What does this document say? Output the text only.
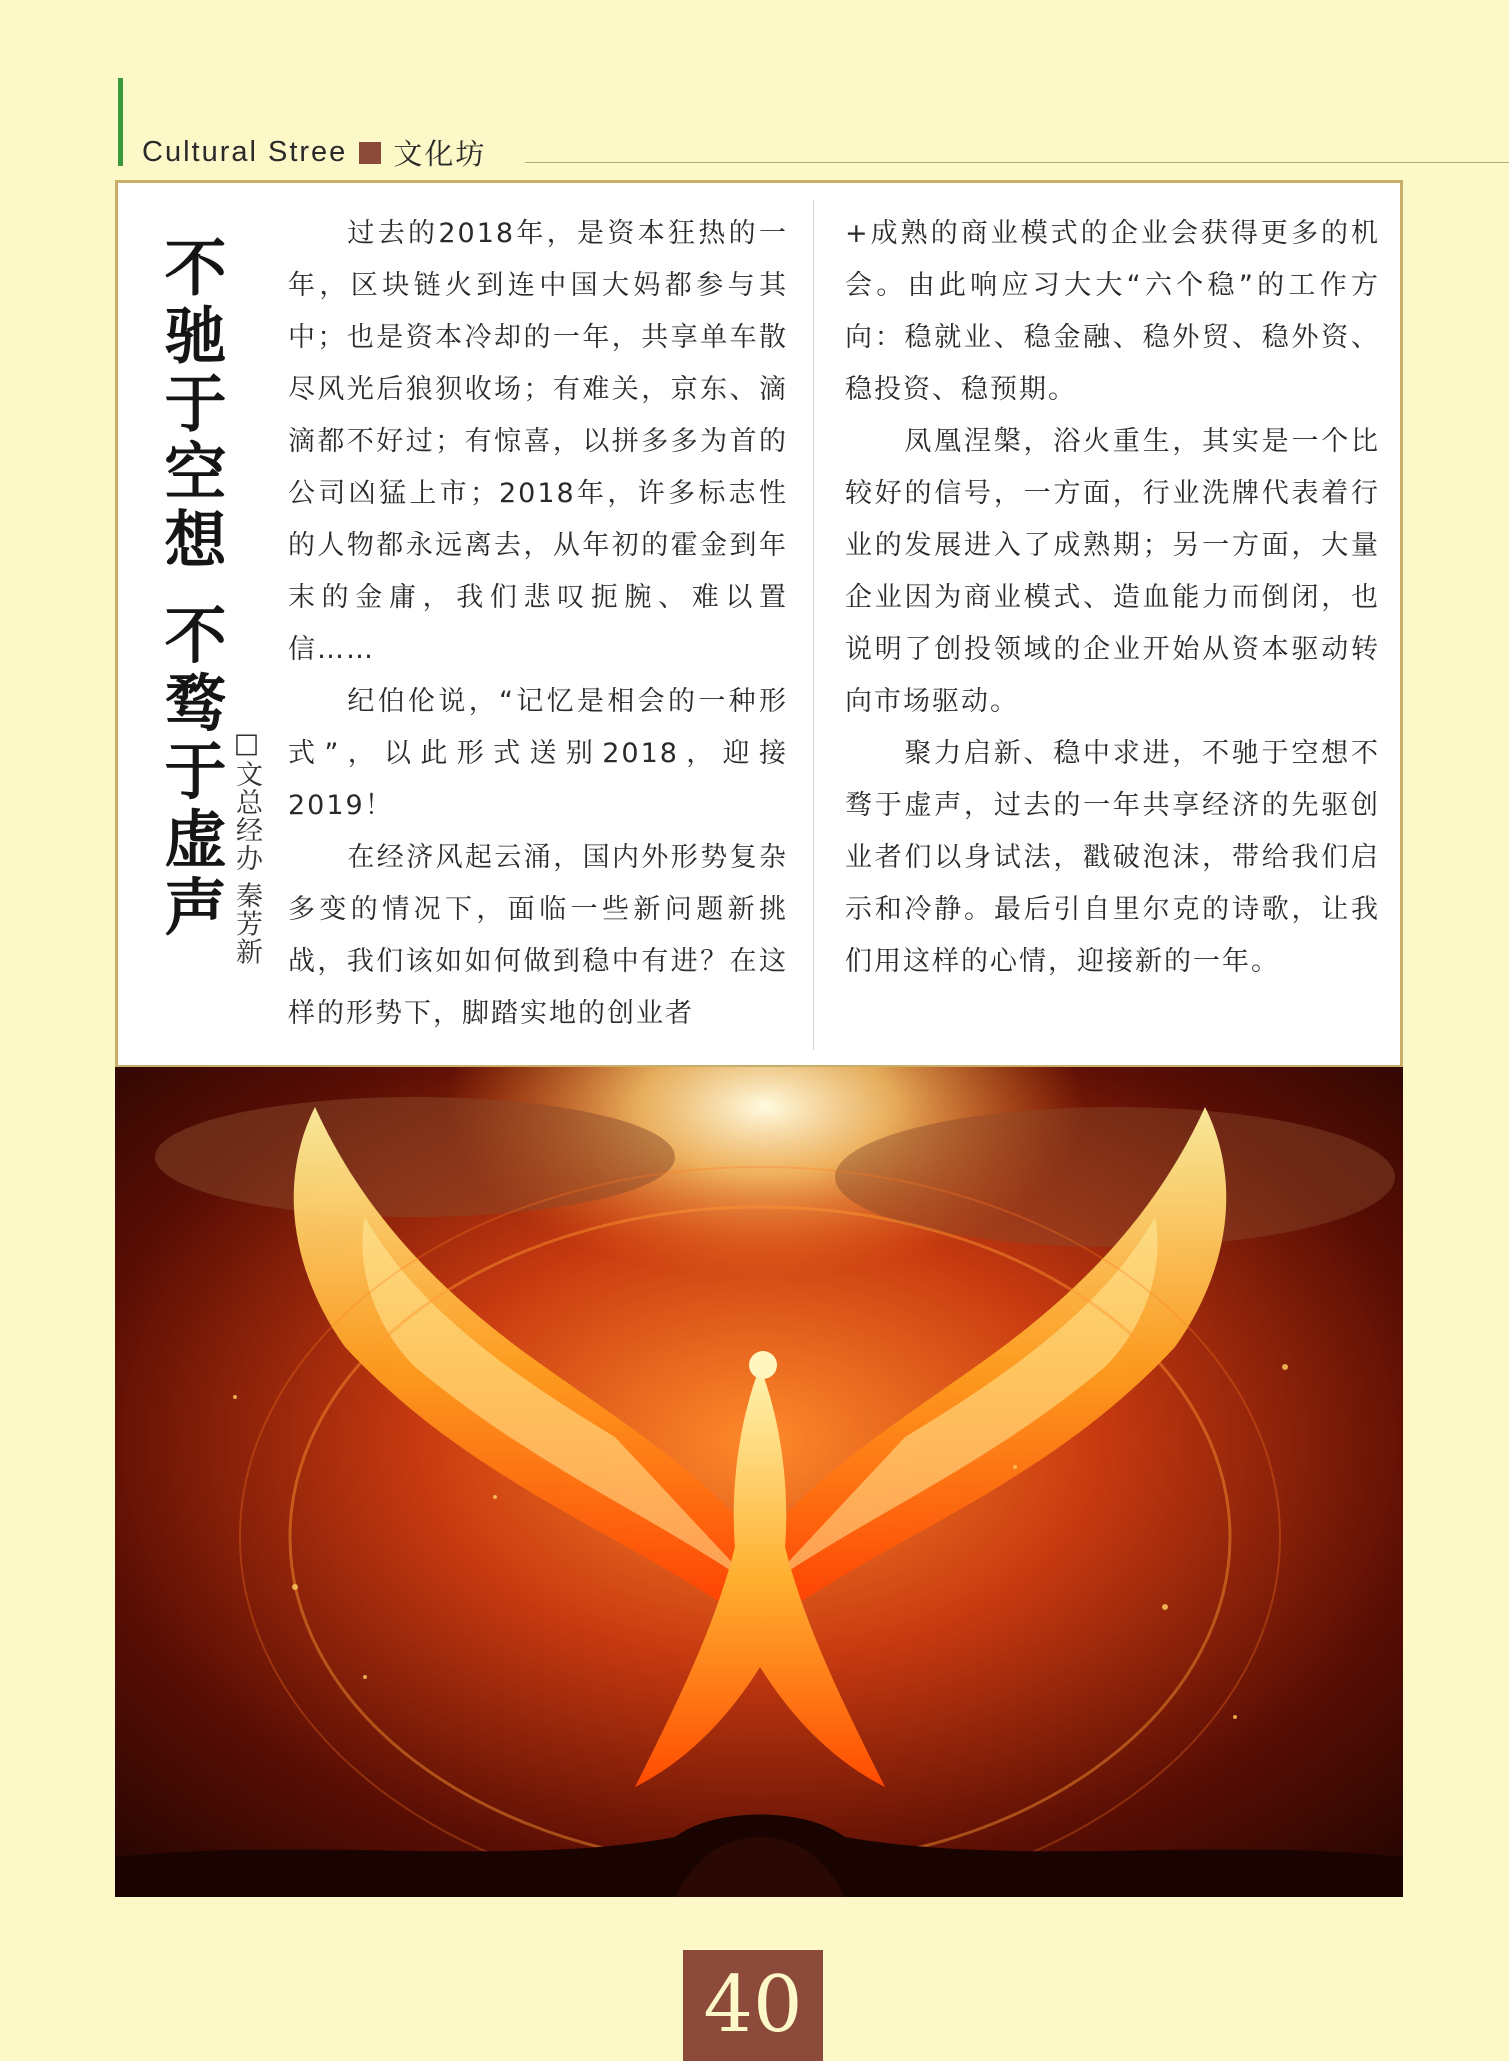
Cultural Stree 文化坊
不驰于空想 不骛于虚声 □文总经办 秦芳新

过去的2018年，是资本狂热的一年，区块链火到连中国大妈都参与其中；也是资本冷却的一年，共享单车散尽风光后狼狈收场；有难关，京东、滴滴都不好过；有惊喜，以拼多多为首的公司凶猛上市；2018年，许多标志性的人物都永远离去，从年初的霍金到年末的金庸，我们悲叹扼腕、难以置信……

纪伯伦说，“记忆是相会的一种形式”，以此形式送别2018，迎接2019！

在经济风起云涌，国内外形势复杂多变的情况下，面临一些新问题新挑战，我们该如如何做到稳中有进？在这样的形势下，脚踏实地的创业者

+成熟的商业模式的企业会获得更多的机会。由此响应习大大“六个稳”的工作方向：稳就业、稳金融、稳外贸、稳外资、稳投资、稳预期。

凤凰涅槃，浴火重生，其实是一个比较好的信号，一方面，行业洗牌代表着行业的发展进入了成熟期；另一方面，大量企业因为商业模式、造血能力而倒闭，也说明了创投领域的企业开始从资本驱动转向市场驱动。

聚力启新、稳中求进，不驰于空想不骛于虚声，过去的一年共享经济的先驱创业者们以身试法，戳破泡沫，带给我们启示和冷静。最后引自里尔克的诗歌，让我们用这样的心情，迎接新的一年。

40
